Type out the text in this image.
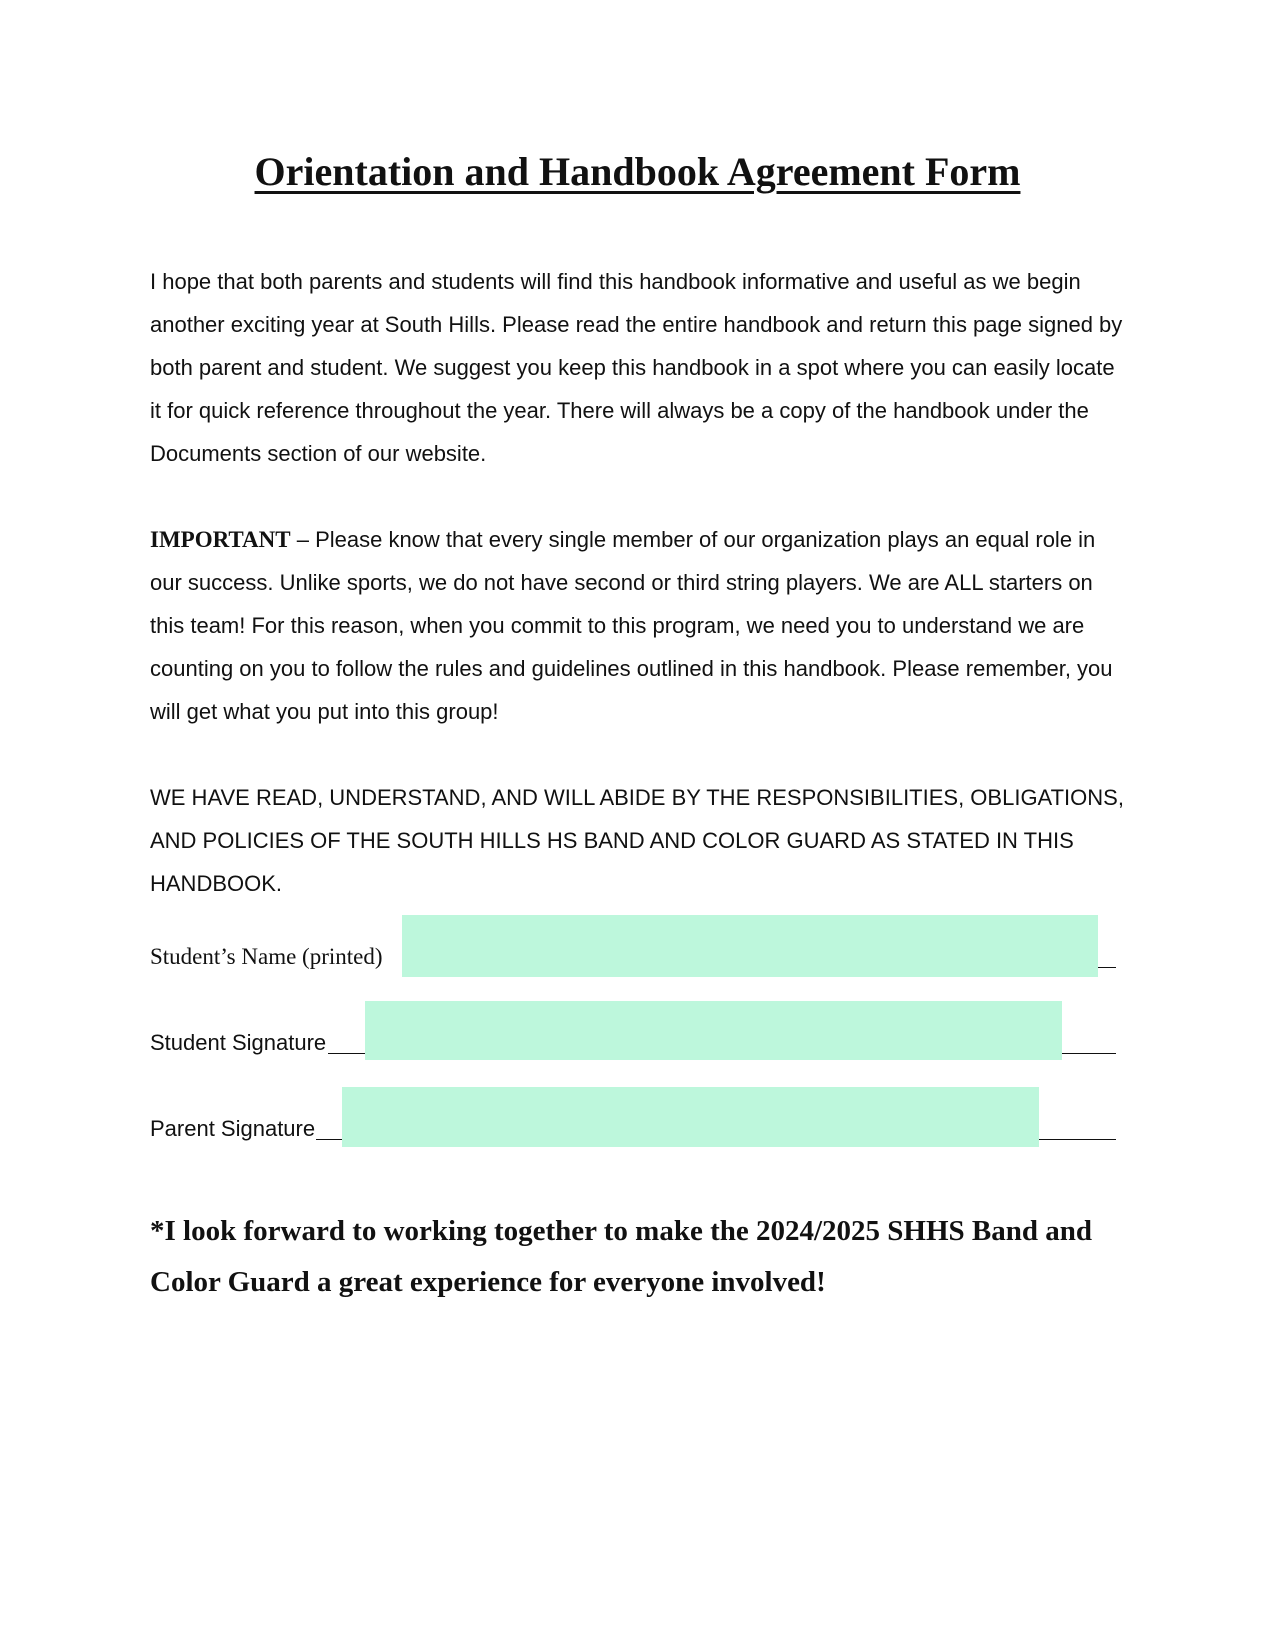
Orientation and Handbook Agreement Form

I hope that both parents and students will find this handbook informative and useful as we begin another exciting year at South Hills. Please read the entire handbook and return this page signed by both parent and student. We suggest you keep this handbook in a spot where you can easily locate it for quick reference throughout the year. There will always be a copy of the handbook under the Documents section of our website.

IMPORTANT – Please know that every single member of our organization plays an equal role in our success. Unlike sports, we do not have second or third string players. We are ALL starters on this team! For this reason, when you commit to this program, we need you to understand we are counting on you to follow the rules and guidelines outlined in this handbook. Please remember, you will get what you put into this group!

WE HAVE READ, UNDERSTAND, AND WILL ABIDE BY THE RESPONSIBILITIES, OBLIGATIONS, AND POLICIES OF THE SOUTH HILLS HS BAND AND COLOR GUARD AS STATED IN THIS HANDBOOK.

Student’s Name (printed)
Student Signature
Parent Signature

*I look forward to working together to make the 2024/2025 SHHS Band and Color Guard a great experience for everyone involved!
